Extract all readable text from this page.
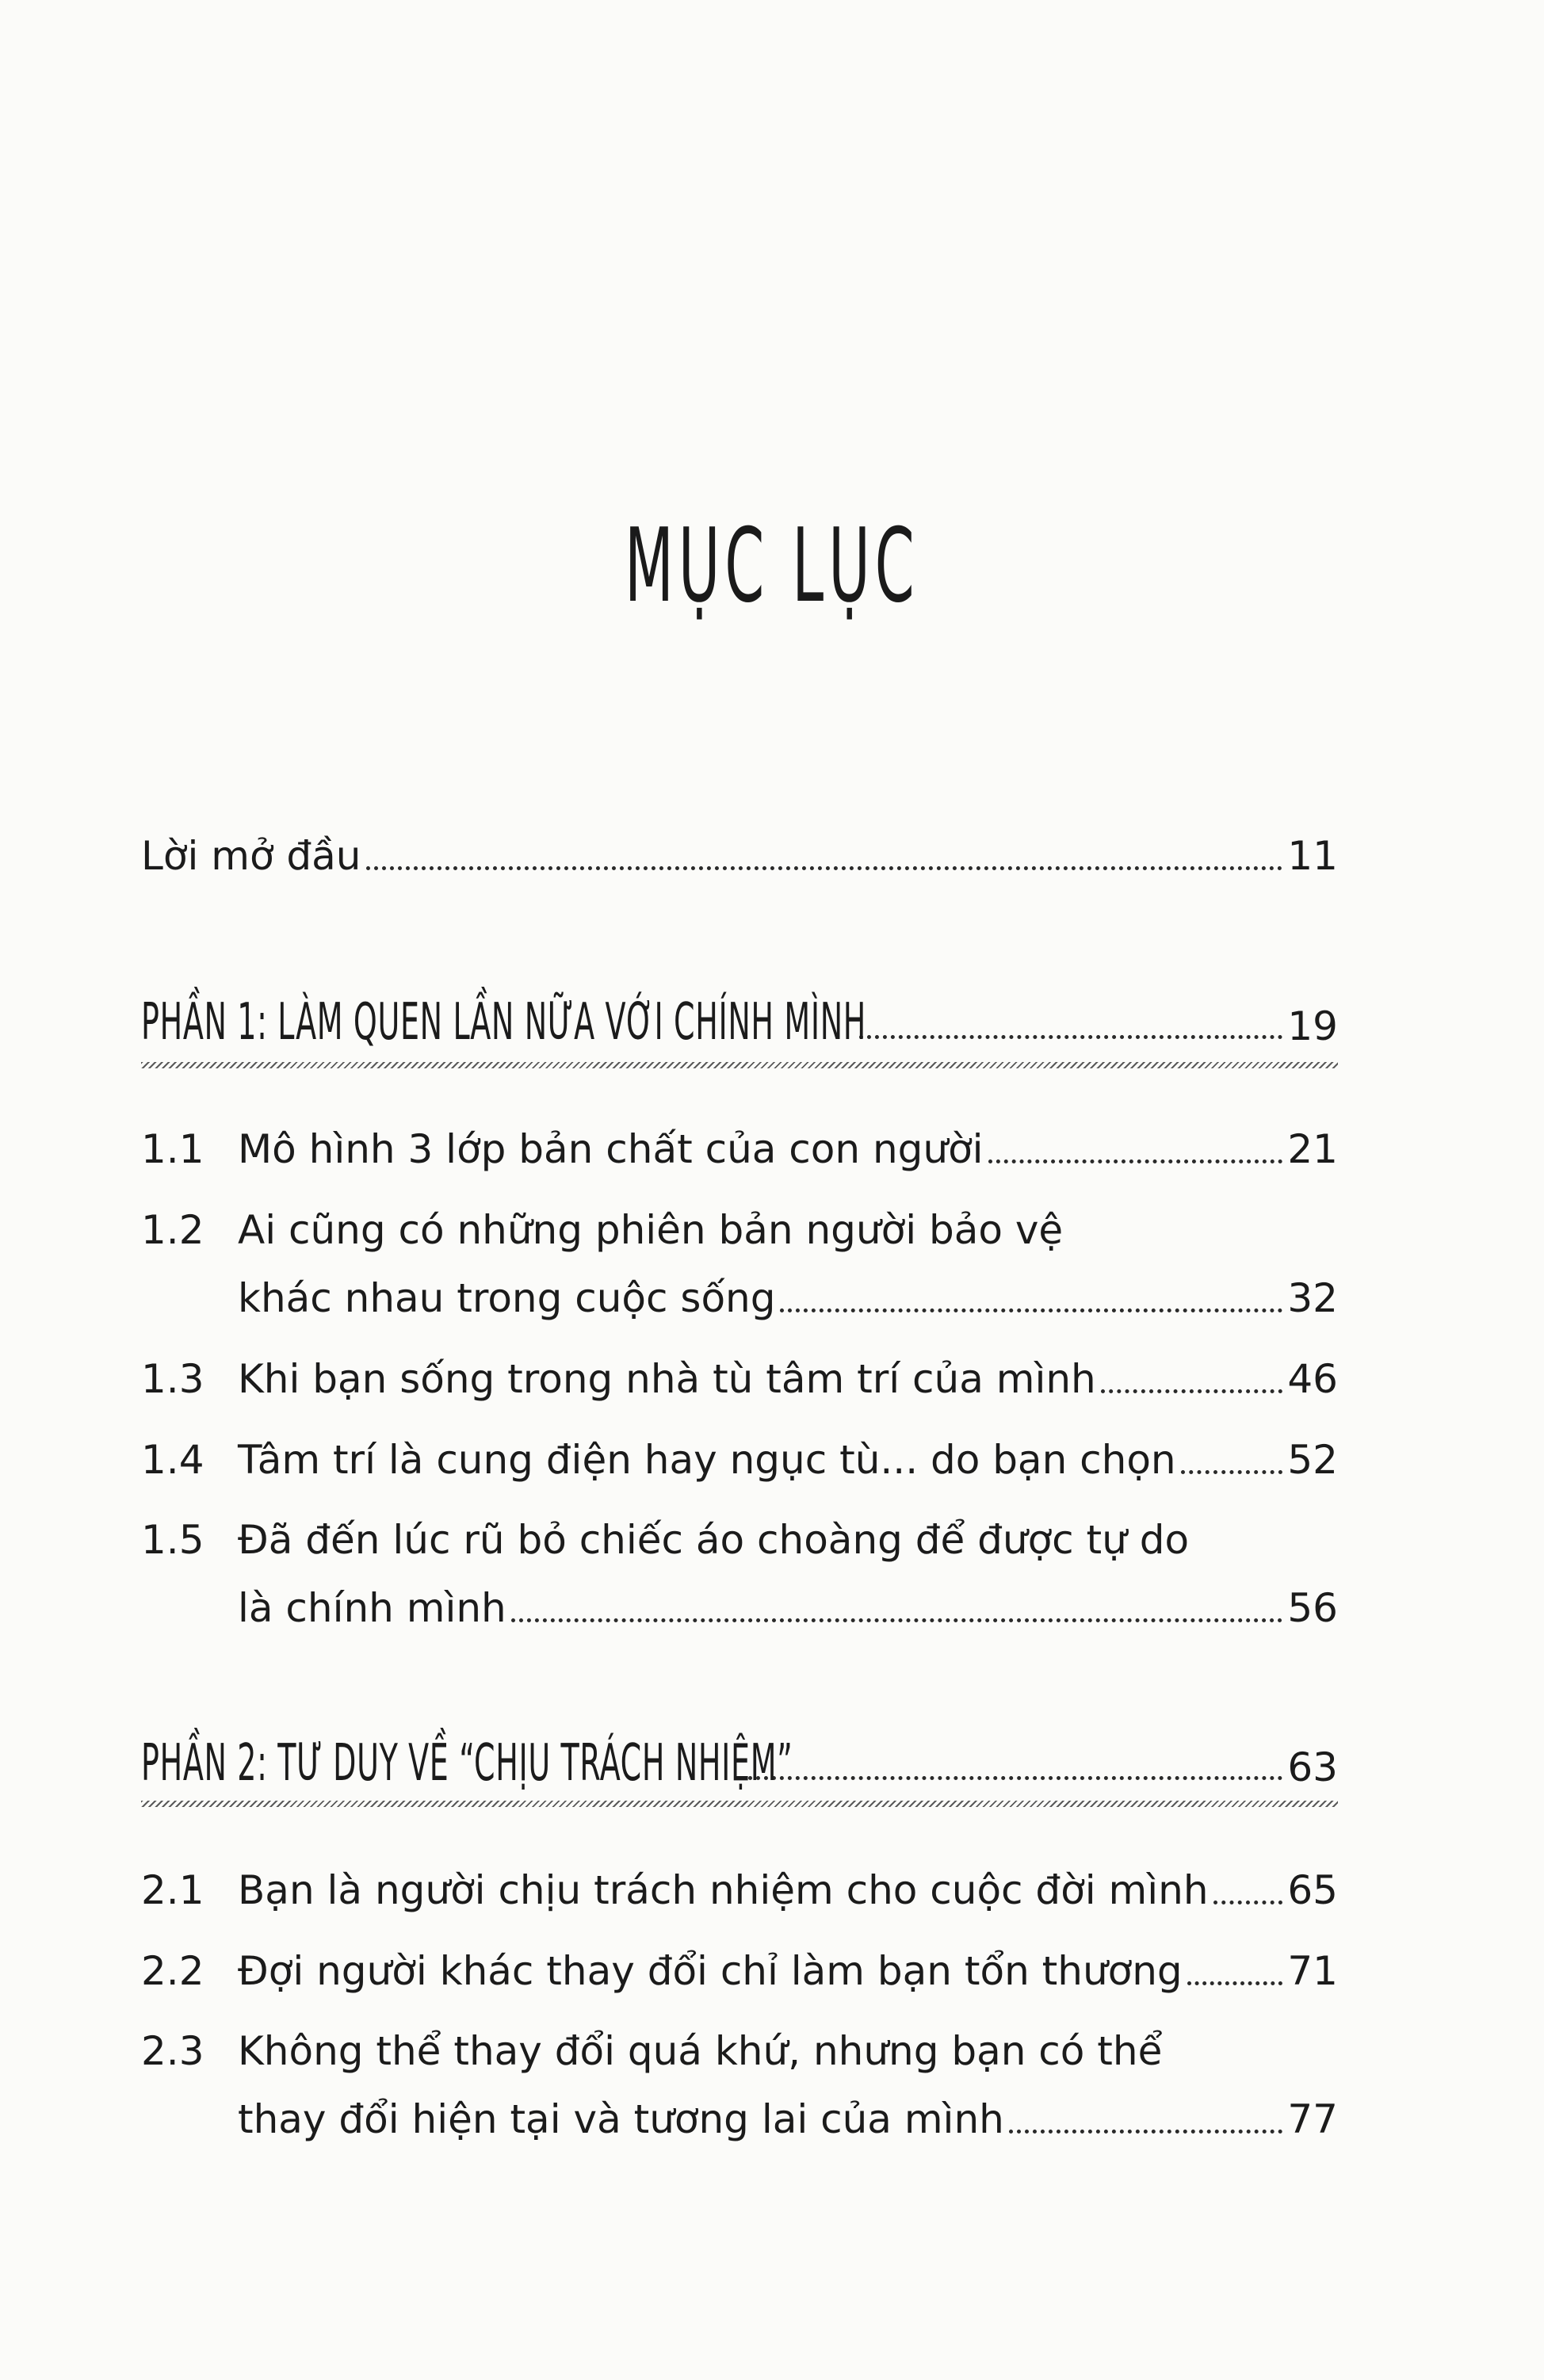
MỤC LỤC
Lời mở đầu	11
PHẦN 1: LÀM QUEN LẦN NỮA VỚI CHÍNH MÌNH	19
1.1 Mô hình 3 lớp bản chất của con người	21
1.2 Ai cũng có những phiên bản người bảo vệ
khác nhau trong cuộc sống	32
1.3 Khi bạn sống trong nhà tù tâm trí của mình	46
1.4 Tâm trí là cung điện hay ngục tù... do bạn chọn	52
1.5 Đã đến lúc rũ bỏ chiếc áo choàng để được tự do
là chính mình	56
PHẦN 2: TƯ DUY VỀ “CHỊU TRÁCH NHIỆM”	63
2.1 Bạn là người chịu trách nhiệm cho cuộc đời mình 65
2.2 Đợi người khác thay đổi chỉ làm bạn tổn thương	71
2.3 Không thể thay đổi quá khứ, nhưng bạn có thể
thay đổi hiện tại và tương lai của mình	77
